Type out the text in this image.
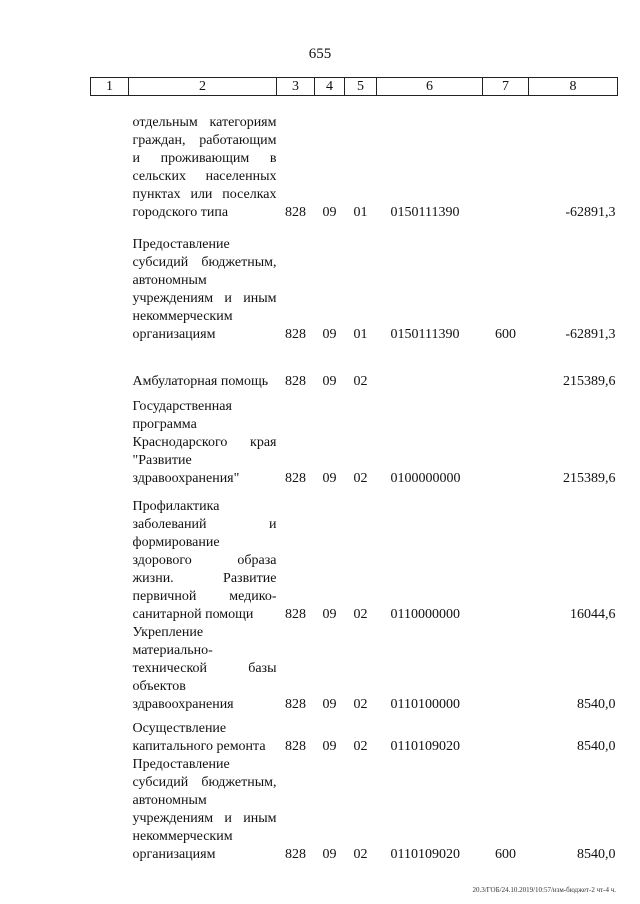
655
1	2	3	4	5	6	7	8

	отдельным категориям граждан, работающим и проживающим в сельских населенных пунктах или поселках городского типа	828	09	01	0150111390		-62891,3

	Предоставление субсидий бюджетным, автономным учреждениям и иным некоммерческим организациям	828	09	01	0150111390	600	-62891,3

	Амбулаторная помощь	828	09	02			215389,6

	Государственная программа Краснодарского края "Развитие здравоохранения"	828	09	02	0100000000		215389,6

	Профилактика заболеваний и формирование здорового образа жизни. Развитие первичной медико-санитарной помощи	828	09	02	0110000000		16044,6

	Укрепление материально-технической базы объектов здравоохранения	828	09	02	0110100000		8540,0

	Осуществление капитального ремонта	828	09	02	0110109020		8540,0

	Предоставление субсидий бюджетным, автономным учреждениям и иным некоммерческим организациям	828	09	02	0110109020	600	8540,0
20.3/ГОБ/24.10.2019/10:57/изм-бюджет-2 чт-4 ч.
